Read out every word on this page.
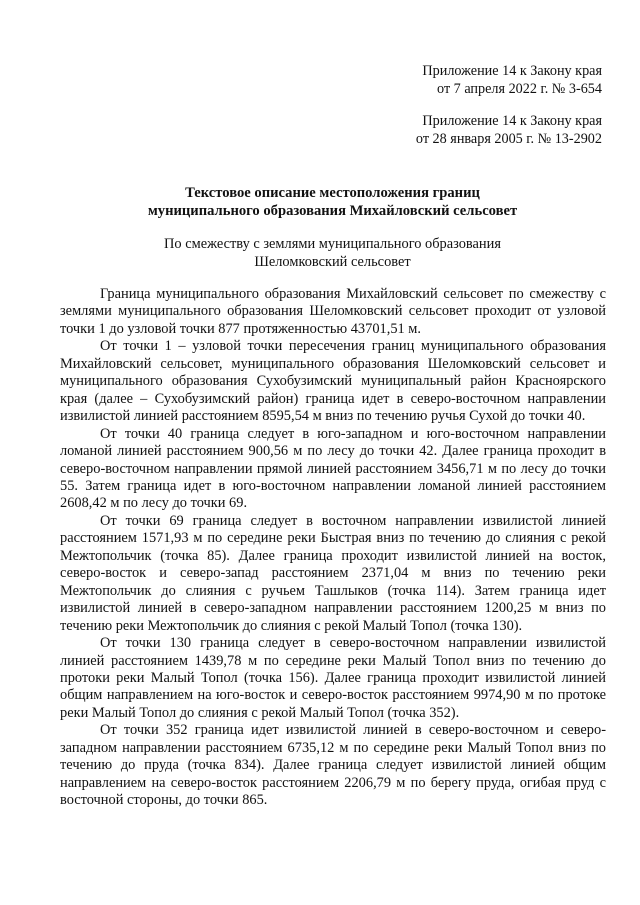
Приложение 14 к Закону края
от 7 апреля 2022 г. № 3-654
Приложение 14 к Закону края
от 28 января 2005 г. № 13-2902
Текстовое описание местоположения границ
муниципального образования Михайловский сельсовет
По смежеству с землями муниципального образования
Шеломковский сельсовет

Граница муниципального образования Михайловский сельсовет по смежеству с землями муниципального образования Шеломковский сельсовет проходит от узловой точки 1 до узловой точки 877 протяженностью 43701,51 м.

От точки 1 – узловой точки пересечения границ муниципального образования Михайловский сельсовет, муниципального образования Шеломковский сельсовет и муниципального образования Сухобузимский муниципальный район Красноярского края (далее – Сухобузимский район) граница идет в северо-восточном направлении извилистой линией расстоянием 8595,54 м вниз по течению ручья Сухой до точки 40.

От точки 40 граница следует в юго-западном и юго-восточном направлении ломаной линией расстоянием 900,56 м по лесу до точки 42. Далее граница проходит в северо-восточном направлении прямой линией расстоянием 3456,71 м по лесу до точки 55. Затем граница идет в юго-восточном направлении ломаной линией расстоянием 2608,42 м по лесу до точки 69.

От точки 69 граница следует в восточном направлении извилистой линией расстоянием 1571,93 м по середине реки Быстрая вниз по течению до слияния с рекой Межтопольчик (точка 85). Далее граница проходит извилистой линией на восток, северо-восток и северо-запад расстоянием 2371,04 м вниз по течению реки Межтопольчик до слияния с ручьем Ташлыков (точка 114). Затем граница идет извилистой линией в северо-западном направлении расстоянием 1200,25 м вниз по течению реки Межтопольчик до слияния с рекой Малый Топол (точка 130).

От точки 130 граница следует в северо-восточном направлении извилистой линией расстоянием 1439,78 м по середине реки Малый Топол вниз по течению до протоки реки Малый Топол (точка 156). Далее граница проходит извилистой линией общим направлением на юго-восток и северо-восток расстоянием 9974,90 м по протоке реки Малый Топол до слияния с рекой Малый Топол (точка 352).

От точки 352 граница идет извилистой линией в северо-восточном и северо-западном направлении расстоянием 6735,12 м по середине реки Малый Топол вниз по течению до пруда (точка 834). Далее граница следует извилистой линией общим направлением на северо-восток расстоянием 2206,79 м по берегу пруда, огибая пруд с восточной стороны, до точки 865.
